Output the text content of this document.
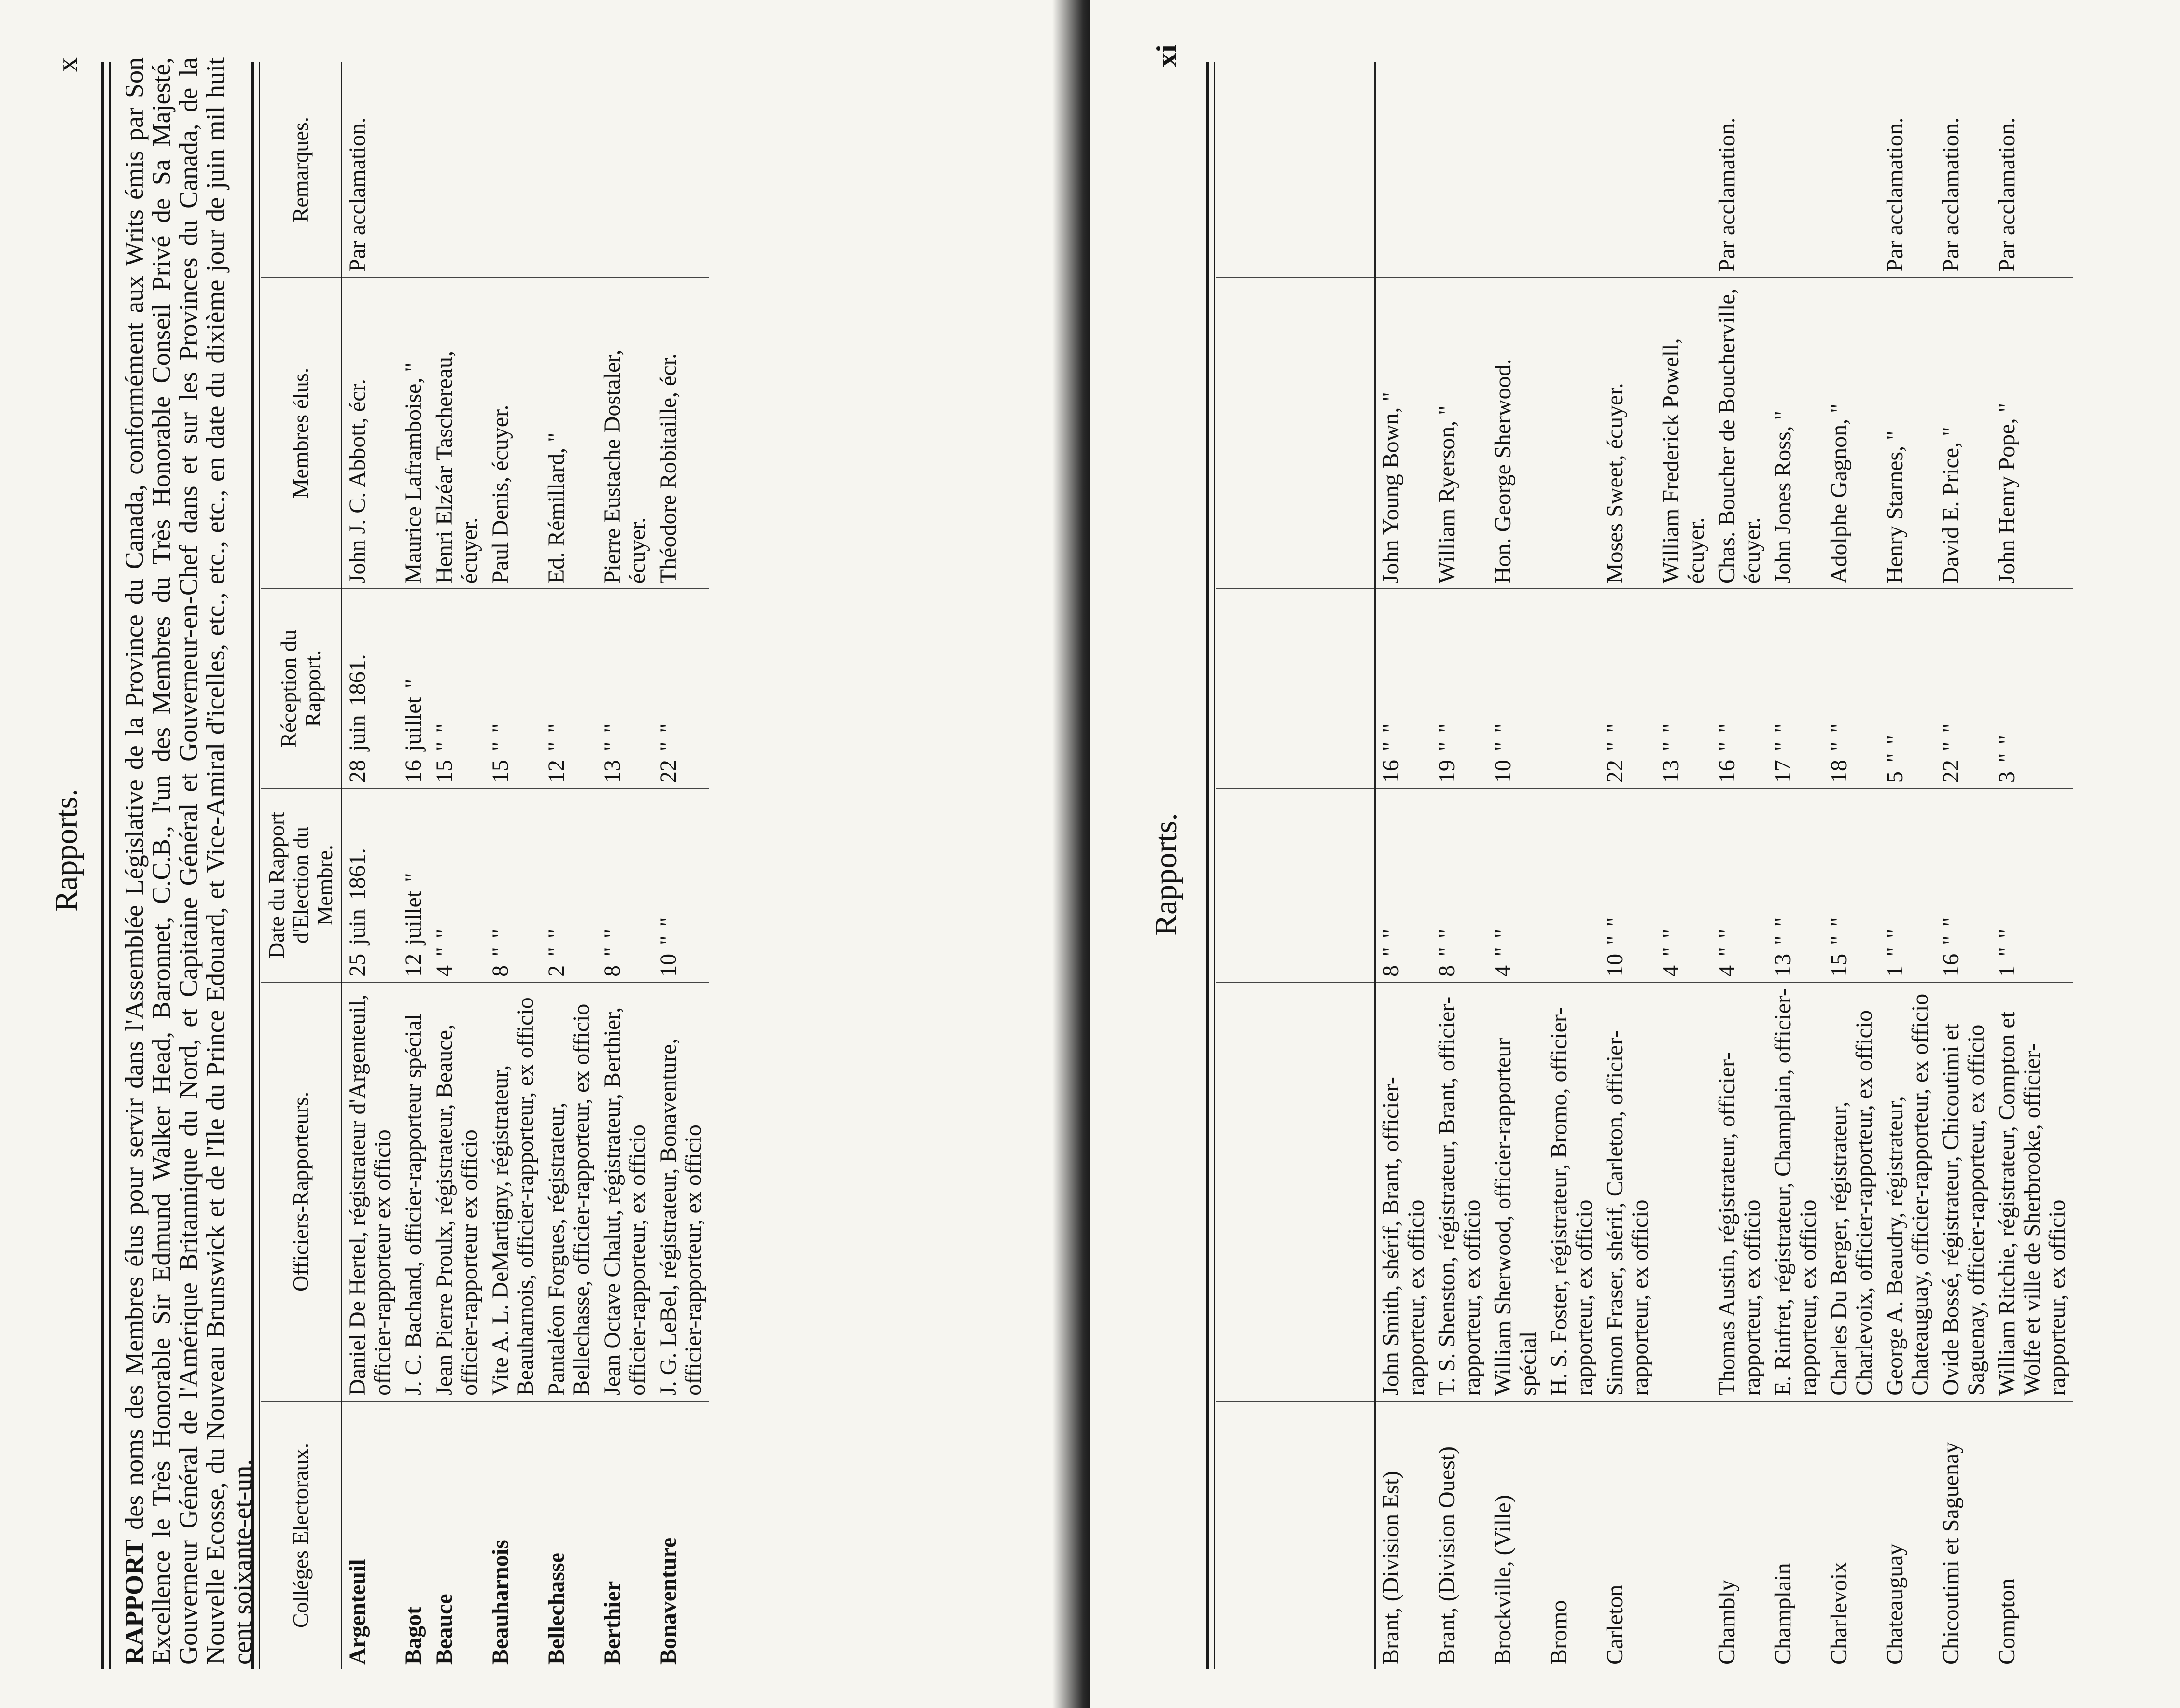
x
Rapports.
RAPPORT des noms des Membres élus pour servir dans l'Assemblée Législative de la Province du Canada, conformément aux Writs émis par Son Excellence le Très Honorable Sir Edmund Walker Head, Baronnet, C.C.B., l'un des Membres du Très Honorable Conseil Privé de Sa Majesté, Gouverneur Général de l'Amérique Britannique du Nord, et Capitaine Général et Gouverneur-en-Chef dans et sur les Provinces du Canada, de la Nouvelle Ecosse, du Nouveau Brunswick et de l'Ile du Prince Edouard, et Vice-Amiral d'icelles, etc., etc., etc., en date du dixième jour de juin mil huit cent soixante-et-un. Colléges Electoraux.	Officiers-Rapporteurs.	Date du Rapport d'Election du Membre.	Réception du Rapport.	Membres élus.	Remarques.
Argenteuil	Daniel De Hertel, régistrateur d'Argenteuil, officier-rapporteur ex officio	25juin1861.	28juin1861.	John J. C. Abbott, écr.	Par acclamation.
Bagot	J. C. Bachand, officier-rapporteur spécial	12juillet"	16juillet"	Maurice Laframboise, "	
Beauce	Jean Pierre Proulx, régistrateur, Beauce, officier-rapporteur ex officio	4""	15""	Henri Elzéar Taschereau, écuyer.	
Beauharnois	Vite A. L. DeMartigny, régistrateur, Beauharnois, officier-rapporteur, ex officio	8""	15""	Paul Denis, écuyer.	
Bellechasse	Pantaléon Forgues, régistrateur, Bellechasse, officier-rapporteur, ex officio	2""	12""	Ed. Rémillard, "	
Berthier	Jean Octave Chalut, régistrateur, Berthier, officier-rapporteur, ex officio	8""	13""	Pierre Eustache Dostaler, écuyer.	
Bonaventure	J. G. LeBel, régistrateur, Bonaventure, officier-rapporteur, ex officio	10""	22""	Théodore Robitaille, écr.	
Rapports.
xi

Brant, (Division Est)	John Smith, shérif, Brant, officier-rapporteur, ex officio	8""	16""	John Young Bown, "	
Brant, (Division Ouest)	T. S. Shenston, régistrateur, Brant, officier-rapporteur, ex officio	8""	19""	William Ryerson, "	
Brockville, (Ville)	William Sherwood, officier-rapporteur spécial	4""	10""	Hon. George Sherwood.	
Bromo	H. S. Foster, régistrateur, Bromo, officier-rapporteur, ex officio				
Carleton	Simon Fraser, shérif, Carleton, officier-rapporteur, ex officio	10""	22""	Moses Sweet, écuyer.	
		4""	13""	William Frederick Powell, écuyer.	
Chambly	Thomas Austin, régistrateur, officier-rapporteur, ex officio	4""	16""	Chas. Boucher de Boucherville, écuyer.	Par acclamation.
Champlain	E. Rinfret, régistrateur, Champlain, officier-rapporteur, ex officio	13""	17""	John Jones Ross, "	
Charlevoix	Charles Du Berger, régistrateur, Charlevoix, officier-rapporteur, ex officio	15""	18""	Adolphe Gagnon, "	
Chateauguay	George A. Beaudry, régistrateur, Chateauguay, officier-rapporteur, ex officio	1""	5""	Henry Starnes, "	Par acclamation.
Chicoutimi et Saguenay	Ovide Bossé, régistrateur, Chicoutimi et Saguenay, officier-rapporteur, ex officio	16""	22""	David E. Price, "	Par acclamation.
Compton	William Ritchie, régistrateur, Compton et Wolfe et ville de Sherbrooke, officier-rapporteur, ex officio	1""	3""	John Henry Pope, "	Par acclamation.
